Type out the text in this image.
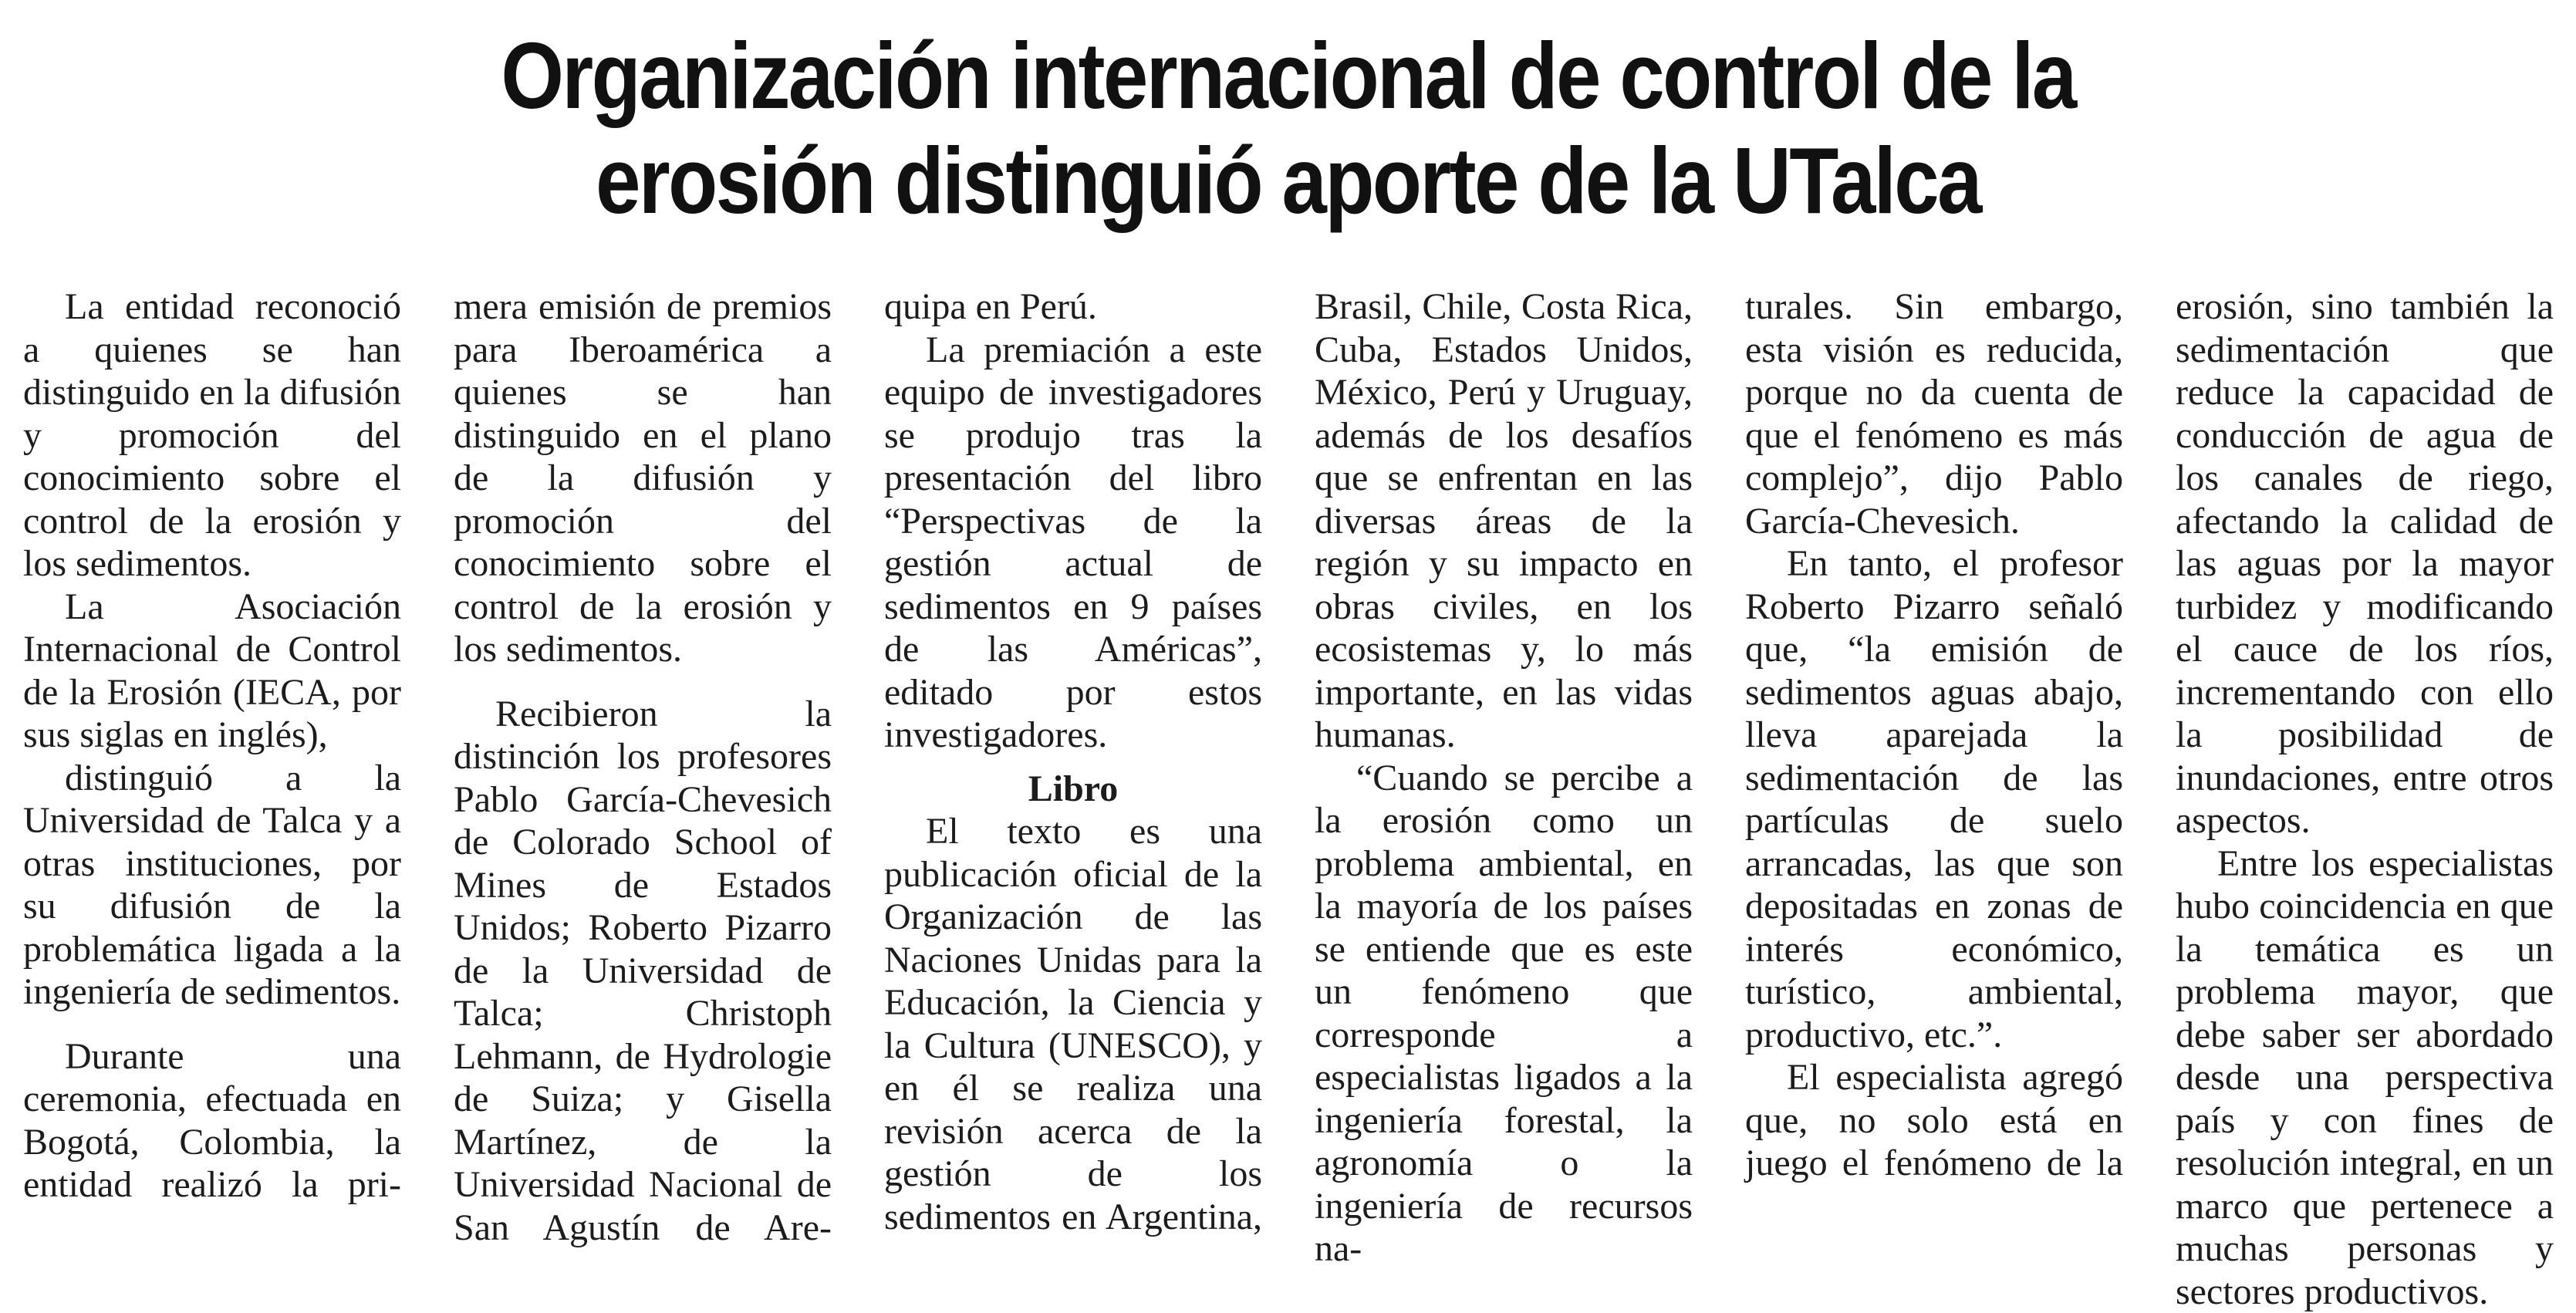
Organización internacional de control de la
erosión distinguió aporte de la UTalca

La entidad reconoció a quienes se han distinguido en la difusión y promoción del conocimiento sobre el control de la erosión y los sedimentos.

La Asociación Internacional de Control de la Erosión (IECA, por sus siglas en inglés),

distinguió a la Universidad de Talca y a otras instituciones, por su difusión de la problemática ligada a la ingeniería de sedimentos.

Durante una ceremonia, efectuada en Bogotá, Colombia, la entidad realizó la pri-

mera emisión de premios para Iberoamérica a quienes se han distinguido en el plano de la difusión y promoción del conocimiento sobre el control de la erosión y los sedimentos.

Recibieron la distinción los profesores Pablo García-Chevesich de Colorado School of Mines de Estados Unidos; Roberto Pizarro de la Universidad de Talca; Christoph Lehmann, de Hydrologie de Suiza; y Gisella Martínez, de la Universidad Nacional de San Agustín de Are-

quipa en Perú.

La premiación a este equipo de investigadores se produjo tras la presentación del libro “Perspectivas de la gestión actual de sedimentos en 9 países de las Américas”, editado por estos investigadores.

Libro

El texto es una publicación oficial de la Organización de las Naciones Unidas para la Educación, la Ciencia y la Cultura (UNESCO), y en él se realiza una revisión acerca de la gestión de los sedimentos en Argentina,

Brasil, Chile, Costa Rica, Cuba, Estados Unidos, México, Perú y Uruguay, además de los desafíos que se enfrentan en las diversas áreas de la región y su impacto en obras civiles, en los ecosistemas y, lo más importante, en las vidas humanas.

“Cuando se percibe a la erosión como un problema ambiental, en la mayoría de los países se entiende que es este un fenómeno que corresponde a especialistas ligados a la ingeniería forestal, la agronomía o la ingeniería de recursos na-

turales. Sin embargo, esta visión es reducida, porque no da cuenta de que el fenómeno es más complejo”, dijo Pablo García-Chevesich.

En tanto, el profesor Roberto Pizarro señaló que, “la emisión de sedimentos aguas abajo, lleva aparejada la sedimentación de las partículas de suelo arrancadas, las que son depositadas en zonas de interés económico, turístico, ambiental, productivo, etc.”.

El especialista agregó que, no solo está en juego el fenómeno de la

erosión, sino también la sedimentación que reduce la capacidad de conducción de agua de los canales de riego, afectando la calidad de las aguas por la mayor turbidez y modificando el cauce de los ríos, incrementando con ello la posibilidad de inundaciones, entre otros aspectos.

Entre los especialistas hubo coincidencia en que la temática es un problema mayor, que debe saber ser abordado desde una perspectiva país y con fines de resolución integral, en un marco que pertenece a muchas personas y sectores productivos.
